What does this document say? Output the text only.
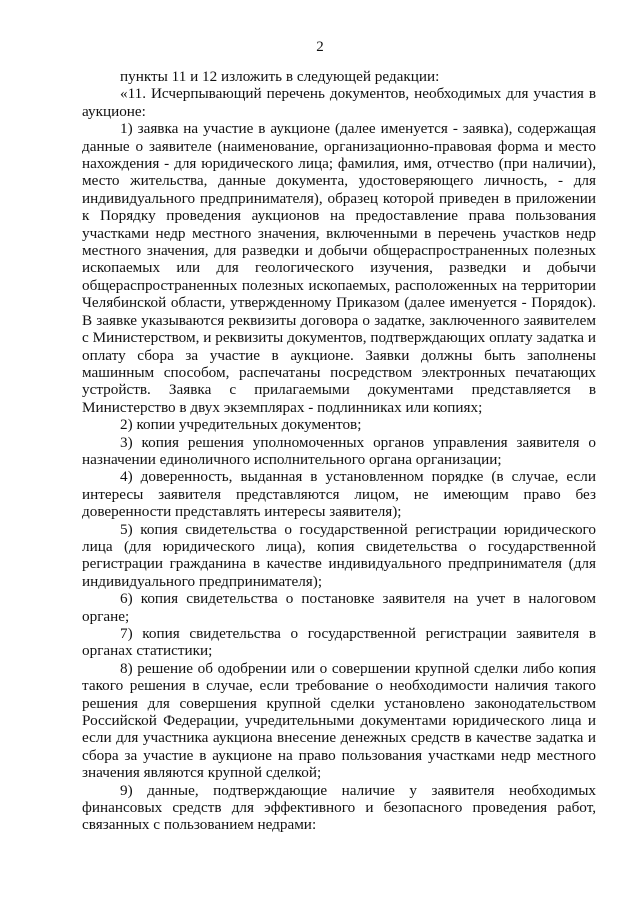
2

пункты 11 и 12 изложить в следующей редакции:

«11. Исчерпывающий перечень документов, необходимых для участия в аукционе:

1) заявка на участие в аукционе (далее именуется - заявка), содержащая данные о заявителе (наименование, организационно-правовая форма и место нахождения - для юридического лица; фамилия, имя, отчество (при наличии), место жительства, данные документа, удостоверяющего личность, - для индивидуального предпринимателя), образец которой приведен в приложении к Порядку проведения аукционов на предоставление права пользования участками недр местного значения, включенными в перечень участков недр местного значения, для разведки и добычи общераспространенных полезных ископаемых или для геологического изучения, разведки и добычи общераспространенных полезных ископаемых, расположенных на территории Челябинской области, утвержденному Приказом (далее именуется - Порядок). В заявке указываются реквизиты договора о задатке, заключенного заявителем с Министерством, и реквизиты документов, подтверждающих оплату задатка и оплату сбора за участие в аукционе. Заявки должны быть заполнены машинным способом, распечатаны посредством электронных печатающих устройств. Заявка с прилагаемыми документами представляется в Министерство в двух экземплярах - подлинниках или копиях;

2) копии учредительных документов;

3) копия решения уполномоченных органов управления заявителя о назначении единоличного исполнительного органа организации;

4) доверенность, выданная в установленном порядке (в случае, если интересы заявителя представляются лицом, не имеющим право без доверенности представлять интересы заявителя);

5) копия свидетельства о государственной регистрации юридического лица (для юридического лица), копия свидетельства о государственной регистрации гражданина в качестве индивидуального предпринимателя (для индивидуального предпринимателя);

6) копия свидетельства о постановке заявителя на учет в налоговом органе;

7) копия свидетельства о государственной регистрации заявителя в органах статистики;

8) решение об одобрении или о совершении крупной сделки либо копия такого решения в случае, если требование о необходимости наличия такого решения для совершения крупной сделки установлено законодательством Российской Федерации, учредительными документами юридического лица и если для участника аукциона внесение денежных средств в качестве задатка и сбора за участие в аукционе на право пользования участками недр местного значения являются крупной сделкой;

9) данные, подтверждающие наличие у заявителя необходимых финансовых средств для эффективного и безопасного проведения работ, связанных с пользованием недрами:
